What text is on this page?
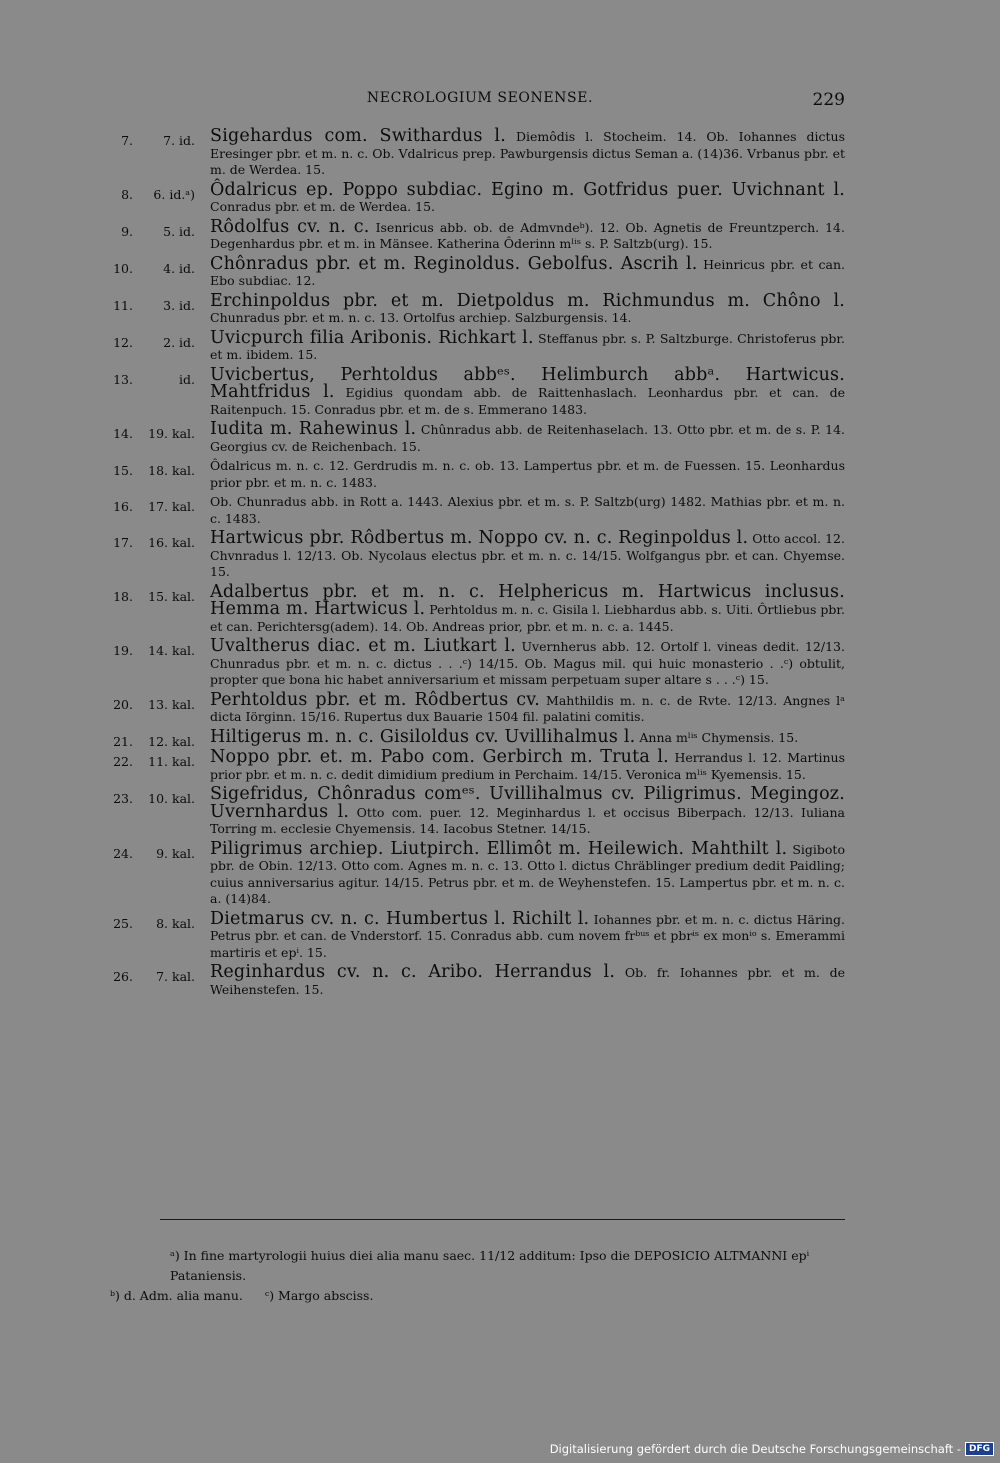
NECROLOGIUM SEONENSE.	229
7.	7. id. Sigehardus com. Swithardus l. Diemôdis l. Stocheim. 14. Ob. Iohannes dictus Eresinger pbr. et m. n. c. Ob. Vdalricus prep. Pawburgensis dictus Seman a. (14)36. Vrbanus pbr. et m. de Werdea. 15.
8.	6. id.ᵃ) Ôdalricus ep. Poppo subdiac. Egino m. Gotfridus puer. Uvichnant l. Conradus pbr. et m. de Werdea. 15.
9.	5. id. Rôdolfus cv. n. c. Isenricus abb. ob. de Admvndeᵇ). 12. Ob. Agnetis de Freuntzperch. 14. Degenhardus pbr. et m. in Mänsee. Katherina Ôderinn mˡⁱˢ s. P. Saltzb(urg). 15.
10.	4. id. Chônradus pbr. et m. Reginoldus. Gebolfus. Ascrih l. Heinricus pbr. et can. Ebo subdiac. 12.
11.	3. id. Erchinpoldus pbr. et m. Dietpoldus m. Richmundus m. Chôno l. Chunradus pbr. et m. n. c. 13. Ortolfus archiep. Salzburgensis. 14.
12.	2. id. Uvicpurch filia Aribonis. Richkart l. Steffanus pbr. s. P. Saltzburge. Christoferus pbr. et m. ibidem. 15.
13.	id. Uvicbertus, Perhtoldus abbᵉˢ. Helimburch abbᵃ. Hartwicus. Mahtfridus l. Egidius quondam abb. de Raittenhaslach. Leonhardus pbr. et can. de Raitenpuch. 15. Conradus pbr. et m. de s. Emmerano 1483.
14.	19. kal. Iudita m. Rahewinus l. Chûnradus abb. de Reitenhaselach. 13. Otto pbr. et m. de s. P. 14. Georgius cv. de Reichenbach. 15.
15.	18. kal. Ôdalricus m. n. c. 12. Gerdrudis m. n. c. ob. 13. Lampertus pbr. et m. de Fuessen. 15. Leonhardus prior pbr. et m. n. c. 1483.
16.	17. kal. Ob. Chunradus abb. in Rott a. 1443. Alexius pbr. et m. s. P. Saltzb(urg) 1482. Mathias pbr. et m. n. c. 1483.
17.	16. kal. Hartwicus pbr. Rôdbertus m. Noppo cv. n. c. Reginpoldus l. Otto accol. 12. Chvnradus l. 12/13. Ob. Nycolaus electus pbr. et m. n. c. 14/15. Wolfgangus pbr. et can. Chyemse. 15.
18.	15. kal. Adalbertus pbr. et m. n. c. Helphericus m. Hartwicus inclusus. Hemma m. Hartwicus l. Perhtoldus m. n. c. Gisila l. Liebhardus abb. s. Uiti. Ôrtliebus pbr. et can. Perichtersg(adem). 14. Ob. Andreas prior, pbr. et m. n. c. a. 1445.
19.	14. kal. Uvaltherus diac. et m. Liutkart l. Uvernherus abb. 12. Ortolf l. vineas dedit. 12/13. Chunradus pbr. et m. n. c. dictus . . .ᶜ) 14/15. Ob. Magus mil. qui huic monasterio . .ᶜ) obtulit, propter que bona hic habet anniversarium et missam perpetuam super altare s . . .ᶜ) 15.
20.	13. kal. Perhtoldus pbr. et m. Rôdbertus cv. Mahthildis m. n. c. de Rvte. 12/13. Angnes lᵃ dicta Iörginn. 15/16. Rupertus dux Bauarie 1504 fil. palatini comitis.
21.	12. kal. Hiltigerus m. n. c. Gisiloldus cv. Uvillihalmus l. Anna mˡⁱˢ Chymensis. 15.
22.	11. kal. Noppo pbr. et. m. Pabo com. Gerbirch m. Truta l. Herrandus l. 12. Martinus prior pbr. et m. n. c. dedit dimidium predium in Perchaim. 14/15. Veronica mˡⁱˢ Kyemensis. 15.
23.	10. kal. Sigefridus, Chônradus comᵉˢ. Uvillihalmus cv. Piligrimus. Megingoz. Uvernhardus l. Otto com. puer. 12. Meginhardus l. et occisus Biberpach. 12/13. Iuliana Torring m. ecclesie Chyemensis. 14. Iacobus Stetner. 14/15.
24.	9. kal. Piligrimus archiep. Liutpirch. Ellimôt m. Heilewich. Mahthilt l. Sigiboto pbr. de Obin. 12/13. Otto com. Agnes m. n. c. 13. Otto l. dictus Chräblinger predium dedit Paidling; cuius anniversarius agitur. 14/15. Petrus pbr. et m. de Weyhenstefen. 15. Lampertus pbr. et m. n. c. a. (14)84.
25.	8. kal. Dietmarus cv. n. c. Humbertus l. Richilt l. Iohannes pbr. et m. n. c. dictus Häring. Petrus pbr. et can. de Vnderstorf. 15. Conradus abb. cum novem frᵇᵘˢ et pbrⁱˢ ex monⁱᵒ s. Emerammi martiris et epⁱ. 15.
26.	7. kal. Reginhardus cv. n. c. Aribo. Herrandus l. Ob. fr. Iohannes pbr. et m. de Weihenstefen. 15.
ᵃ) In fine martyrologii huius diei alia manu saec. 11/12 additum: Ipso die DEPOSICIO ALTMANNI epⁱ Pataniensis.
ᵇ) d. Adm. alia manu. ᶜ) Margo absciss.
Digitalisierung gefördert durch die Deutsche Forschungsgemeinschaft - DFG
